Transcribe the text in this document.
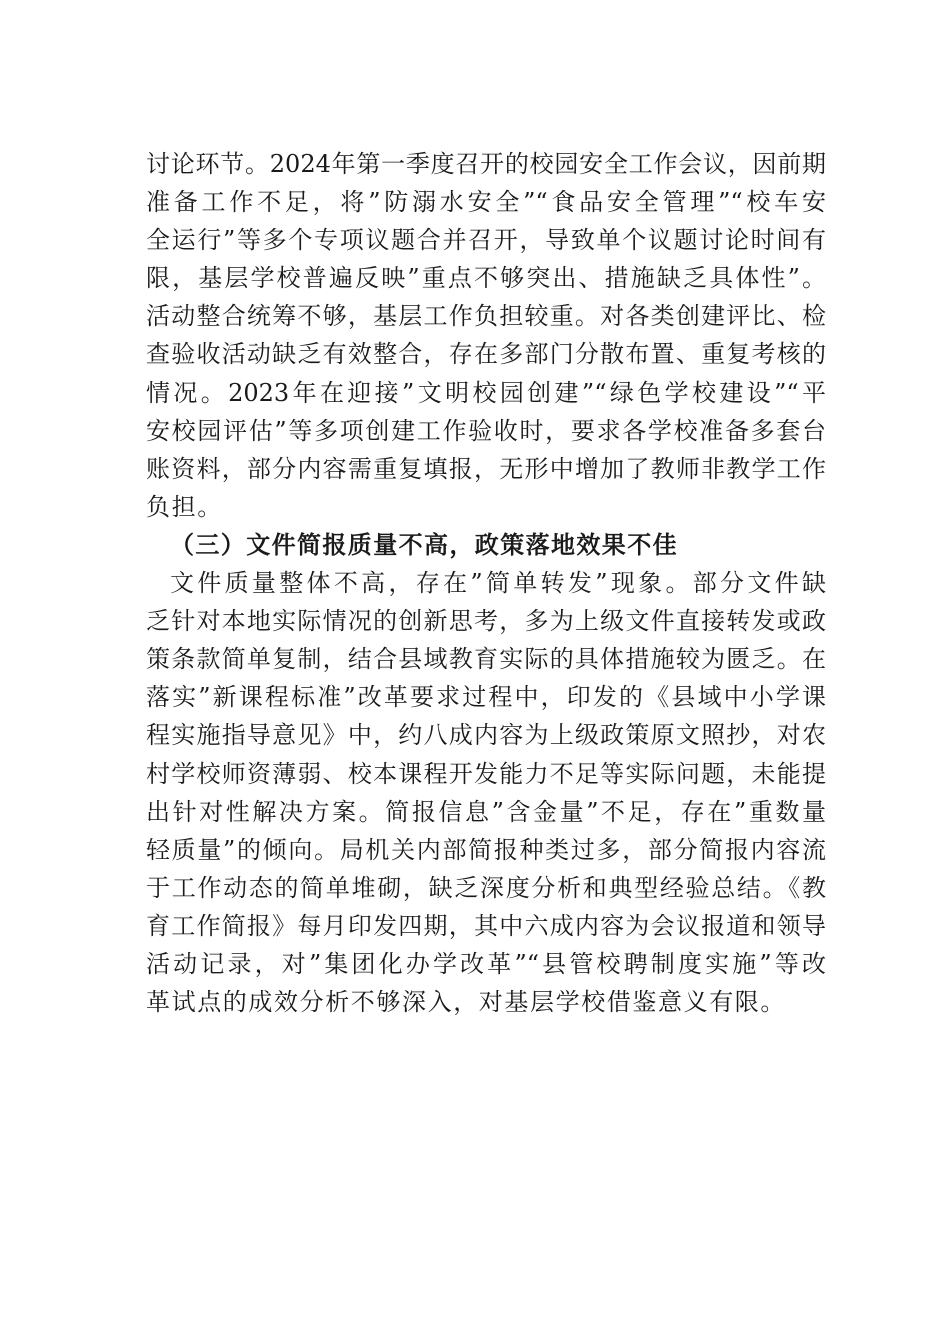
讨论环节。2024年第一季度召开的校园安全工作会议，因前期
准备工作不足，将”防溺水安全”“食品安全管理”“校车安
全运行”等多个专项议题合并召开，导致单个议题讨论时间有
限，基层学校普遍反映”重点不够突出、措施缺乏具体性”。
活动整合统筹不够，基层工作负担较重。对各类创建评比、检
查验收活动缺乏有效整合，存在多部门分散布置、重复考核的
情况。2023年在迎接”文明校园创建”“绿色学校建设”“平
安校园评估”等多项创建工作验收时，要求各学校准备多套台
账资料，部分内容需重复填报，无形中增加了教师非教学工作
负担。
（三）文件简报质量不高，政策落地效果不佳
文件质量整体不高，存在”简单转发”现象。部分文件缺
乏针对本地实际情况的创新思考，多为上级文件直接转发或政
策条款简单复制，结合县域教育实际的具体措施较为匮乏。在
落实”新课程标准”改革要求过程中，印发的《县域中小学课
程实施指导意见》中，约八成内容为上级政策原文照抄，对农
村学校师资薄弱、校本课程开发能力不足等实际问题，未能提
出针对性解决方案。简报信息”含金量”不足，存在”重数量
轻质量”的倾向。局机关内部简报种类过多，部分简报内容流
于工作动态的简单堆砌，缺乏深度分析和典型经验总结。《教
育工作简报》每月印发四期，其中六成内容为会议报道和领导
活动记录，对”集团化办学改革”“县管校聘制度实施”等改
革试点的成效分析不够深入，对基层学校借鉴意义有限。
